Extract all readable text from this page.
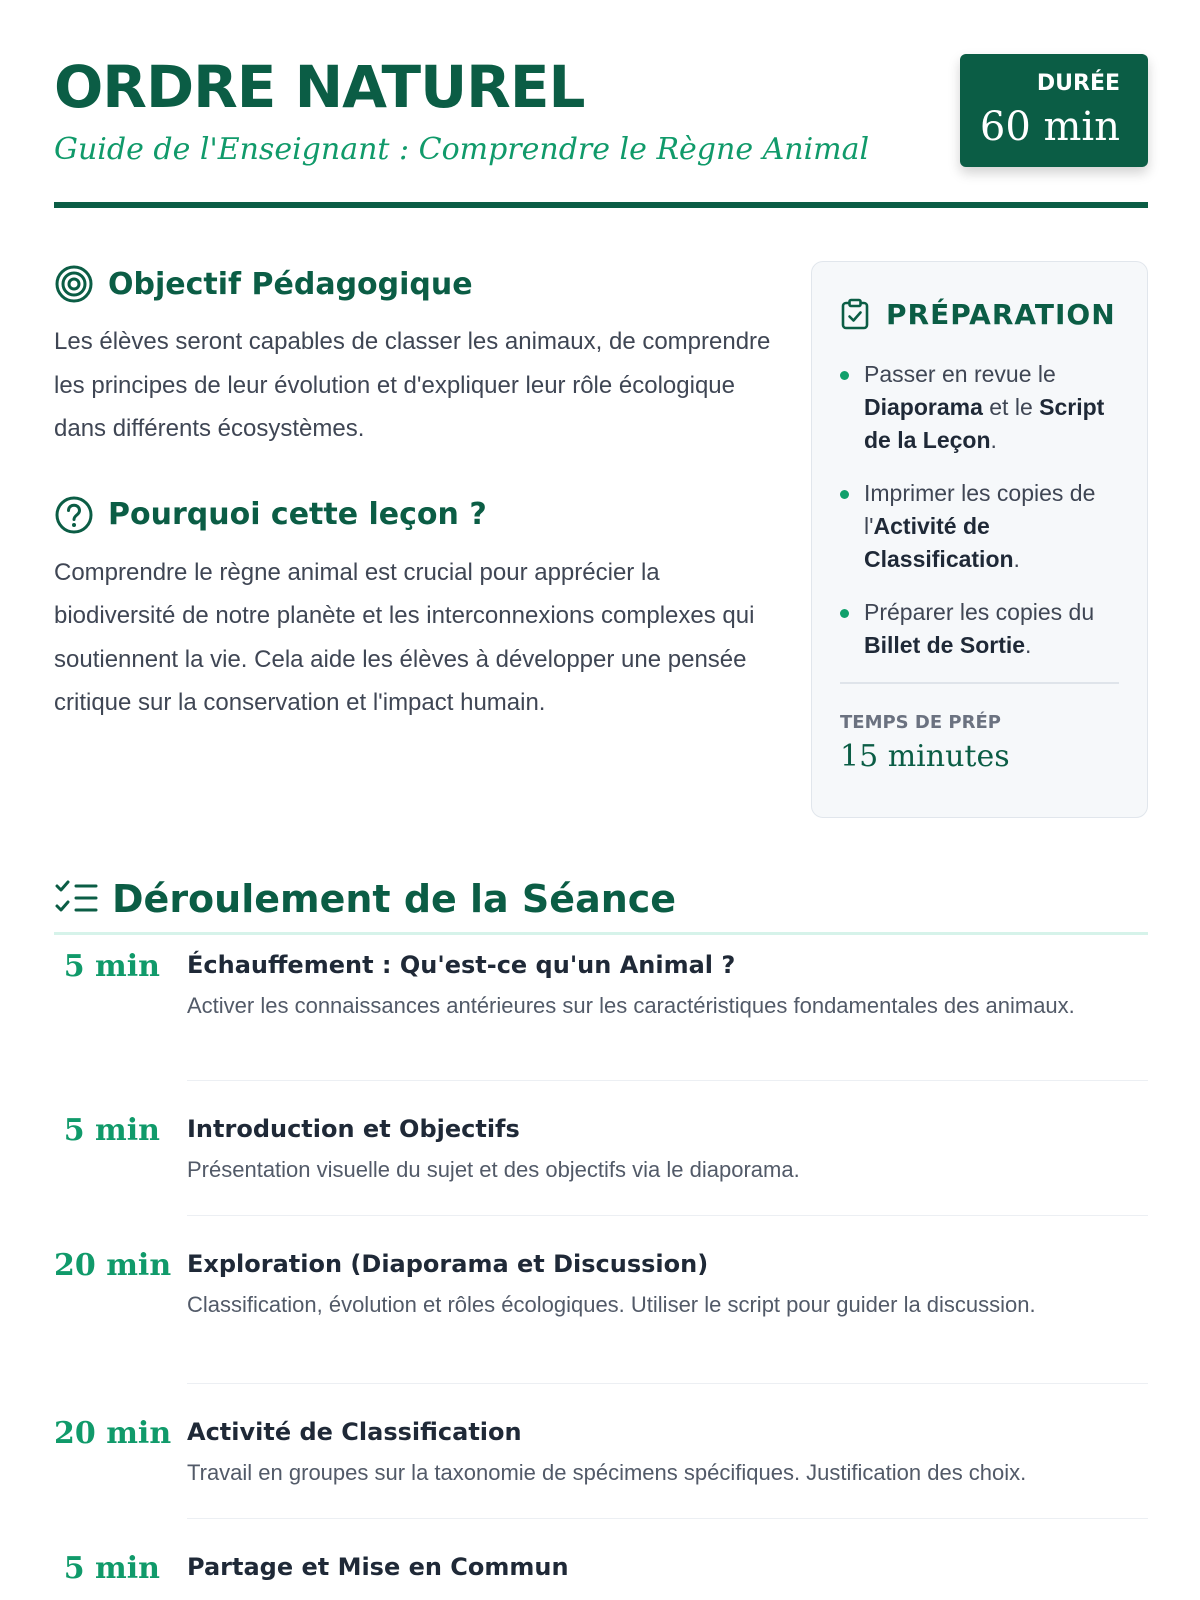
ORDRE NATUREL
Guide de l'Enseignant : Comprendre le Règne Animal
DURÉE
60 min
Objectif Pédagogique

Les élèves seront capables de classer les animaux, de comprendre les principes de leur évolution et d'expliquer leur rôle écologique dans différents écosystèmes.

Pourquoi cette leçon ?

Comprendre le règne animal est crucial pour apprécier la biodiversité de notre planète et les interconnexions complexes qui soutiennent la vie. Cela aide les élèves à développer une pensée critique sur la conservation et l'impact humain.

PRÉPARATION
Passer en revue le Diaporama et le Script de la Leçon.
Imprimer les copies de l'Activité de Classification.
Préparer les copies du Billet de Sortie.
TEMPS DE PRÉP
15 minutes
Déroulement de la Séance
5 min Échauffement : Qu'est-ce qu'un Animal ?
Activer les connaissances antérieures sur les caractéristiques fondamentales des animaux.
5 min Introduction et Objectifs
Présentation visuelle du sujet et des objectifs via le diaporama.
20 min Exploration (Diaporama et Discussion)
Classification, évolution et rôles écologiques. Utiliser le script pour guider la discussion.
20 min Activité de Classification
Travail en groupes sur la taxonomie de spécimens spécifiques. Justification des choix.
5 min Partage et Mise en Commun
